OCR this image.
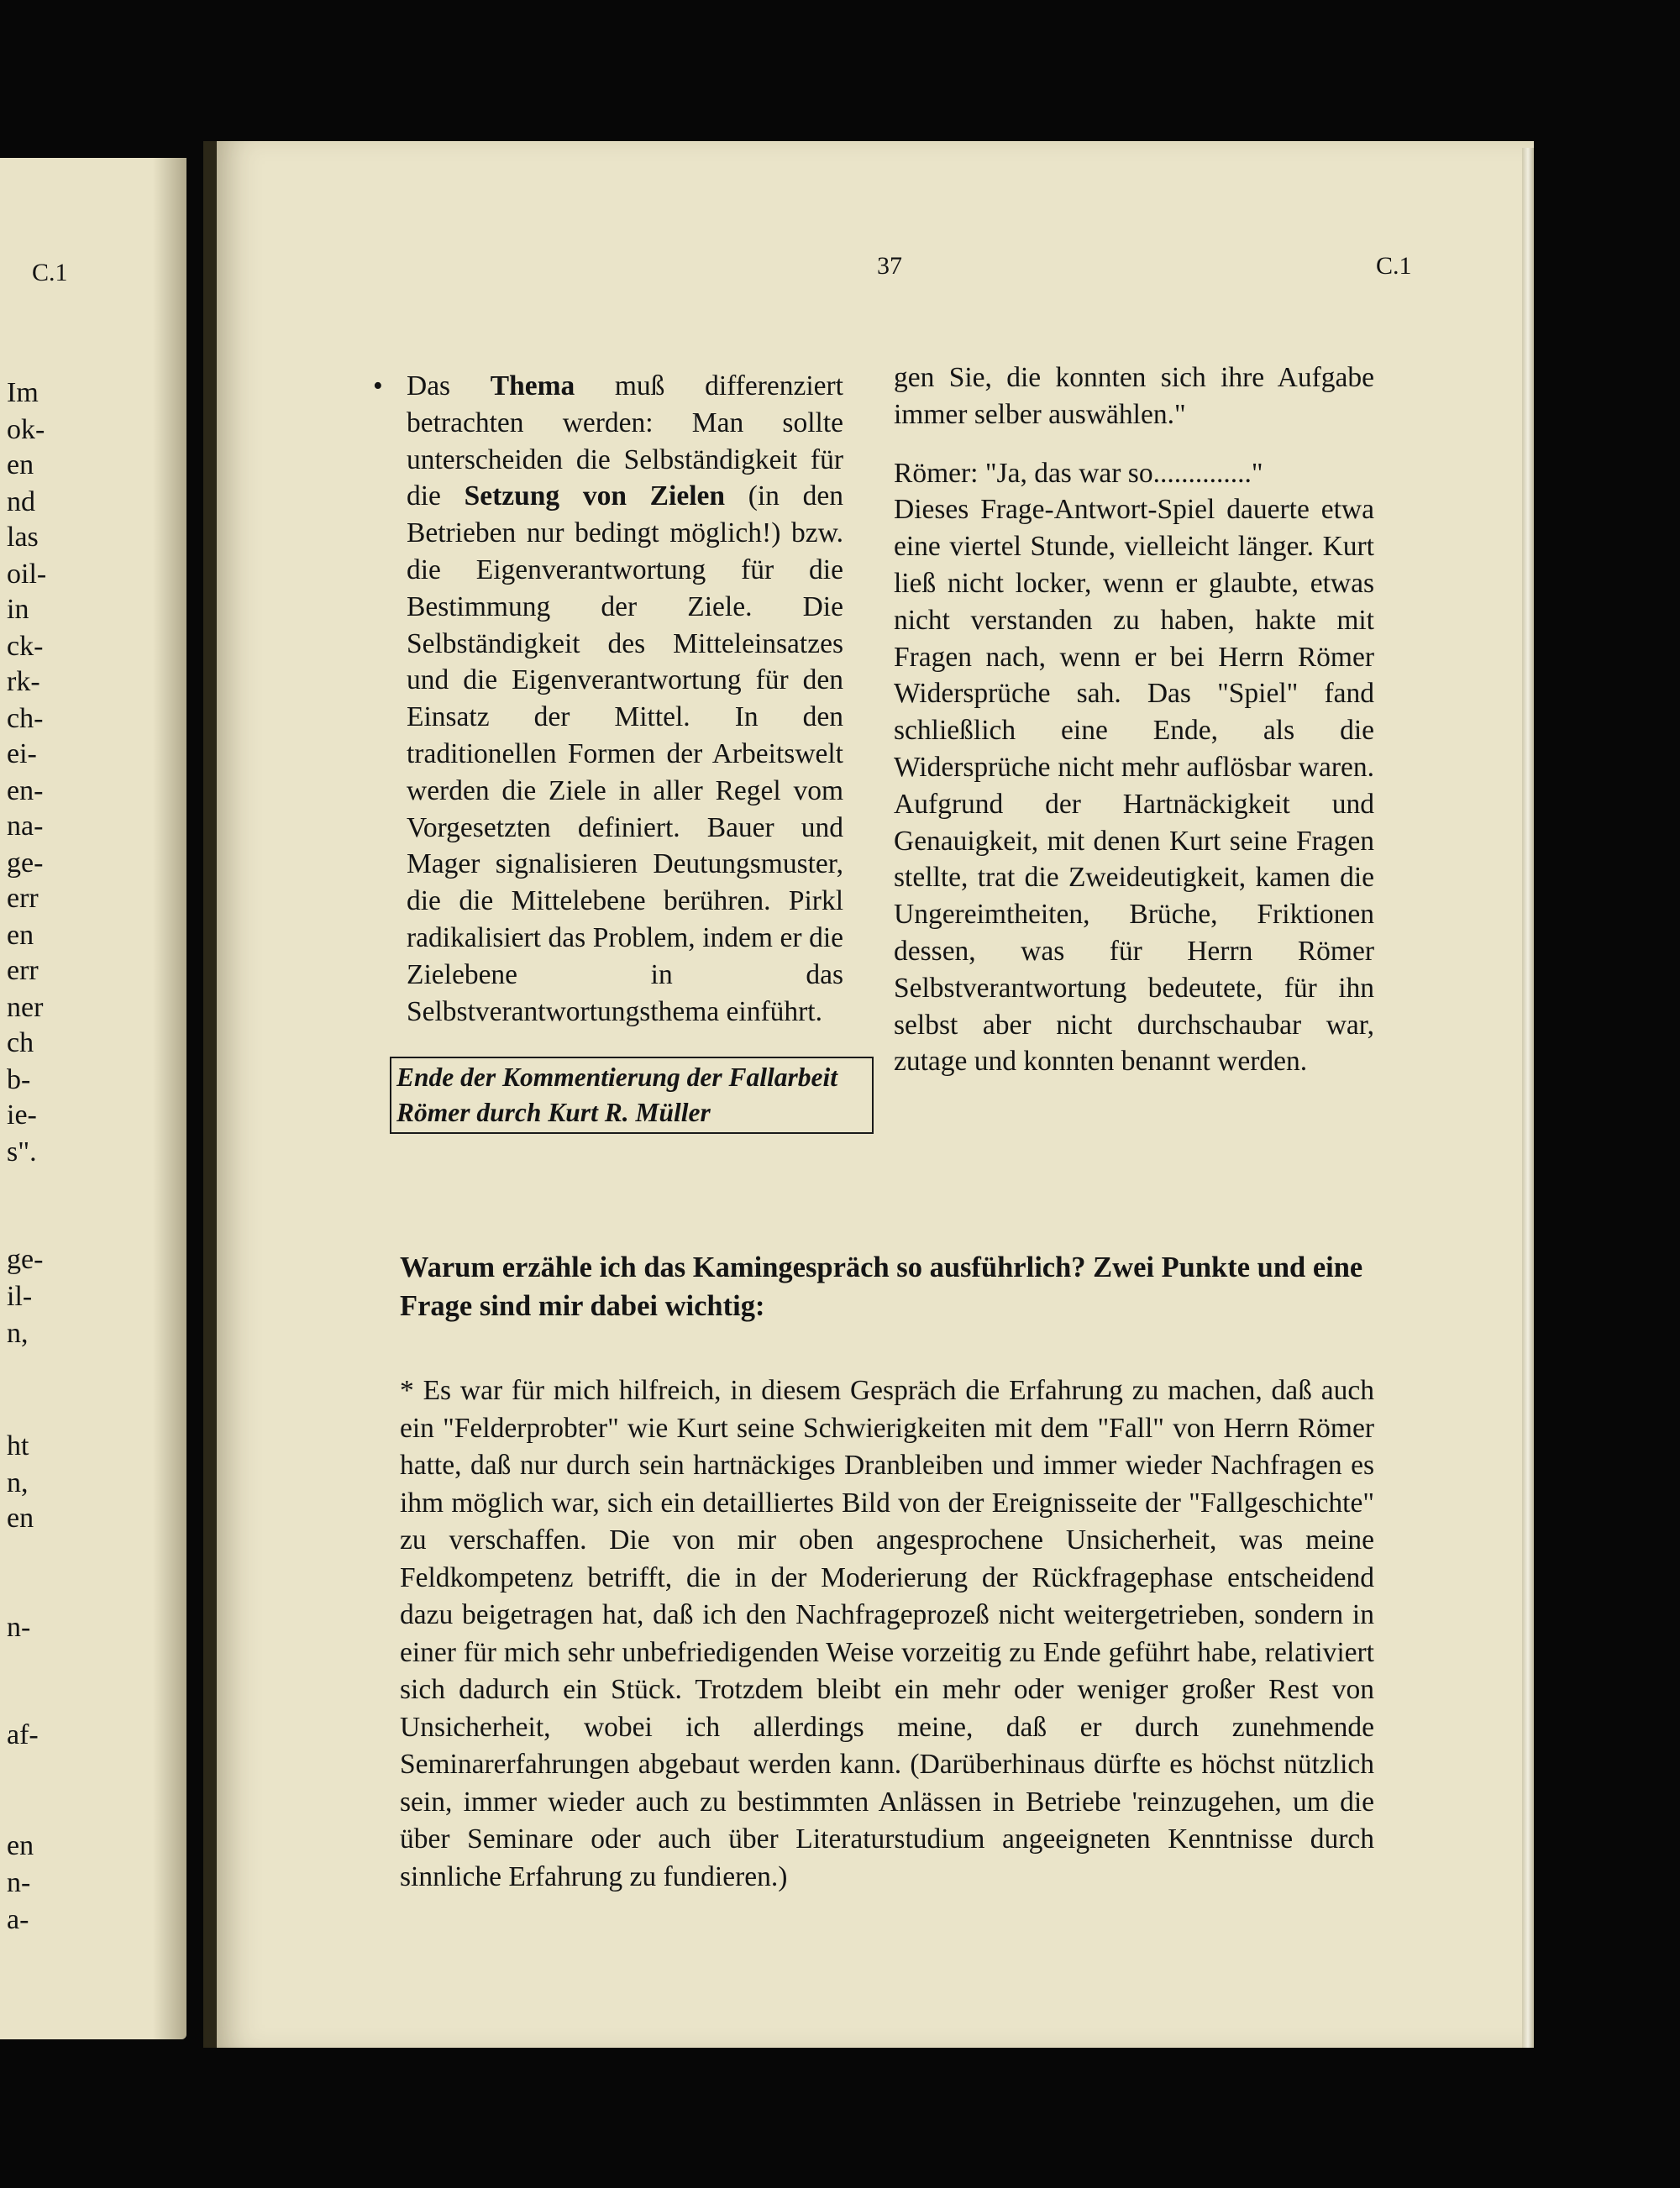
C.1
Im
ok-
en
nd
las
oil-
in
ck-
rk-
ch-
ei-
en-
na-
ge-
err
en
err
ner
ch
b-
ie-
s".
ge-
il-
n,
ht
n,
en
n-
af-
en
n-
a-
37	C.1
• Das Thema muß differenziert betrachten werden: Man sollte unterscheiden die Selbständigkeit für die Setzung von Zielen (in den Betrieben nur bedingt möglich!) bzw. die Eigenverantwortung für die Bestimmung der Ziele. Die Selbständigkeit des Mitteleinsatzes und die Eigenverantwortung für den Einsatz der Mittel. In den traditionellen Formen der Arbeitswelt werden die Ziele in aller Regel vom Vorgesetzten definiert. Bauer und Mager signalisieren Deutungsmuster, die die Mittelebene berühren. Pirkl radikalisiert das Problem, indem er die Zielebene in das Selbstverantwortungsthema einführt.

Ende der Kommentierung der Fallarbeit Römer durch Kurt R. Müller

gen Sie, die konnten sich ihre Aufgabe immer selber auswählen."

Römer: "Ja, das war so.............."

Dieses Frage-Antwort-Spiel dauerte etwa eine viertel Stunde, vielleicht länger. Kurt ließ nicht locker, wenn er glaubte, etwas nicht verstanden zu haben, hakte mit Fragen nach, wenn er bei Herrn Römer Widersprüche sah. Das "Spiel" fand schließlich eine Ende, als die Widersprüche nicht mehr auflösbar waren. Aufgrund der Hartnäckigkeit und Genauigkeit, mit denen Kurt seine Fragen stellte, trat die Zweideutigkeit, kamen die Ungereimtheiten, Brüche, Friktionen dessen, was für Herrn Römer Selbstverantwortung bedeutete, für ihn selbst aber nicht durchschaubar war, zutage und konnten benannt werden.

Warum erzähle ich das Kamingespräch so ausführlich? Zwei Punkte und eine Frage sind mir dabei wichtig:
* Es war für mich hilfreich, in diesem Gespräch die Erfahrung zu machen, daß auch ein "Felderprobter" wie Kurt seine Schwierigkeiten mit dem "Fall" von Herrn Römer hatte, daß nur durch sein hartnäckiges Dranbleiben und immer wieder Nachfragen es ihm möglich war, sich ein detailliertes Bild von der Ereignisseite der "Fallgeschichte" zu verschaffen. Die von mir oben angesprochene Unsicherheit, was meine Feldkompetenz betrifft, die in der Moderierung der Rückfragephase entscheidend dazu beigetragen hat, daß ich den Nachfrageprozeß nicht weitergetrieben, sondern in einer für mich sehr unbefriedigenden Weise vorzeitig zu Ende geführt habe, relativiert sich dadurch ein Stück. Trotzdem bleibt ein mehr oder weniger großer Rest von Unsicherheit, wobei ich allerdings meine, daß er durch zunehmende Seminarerfahrungen abgebaut werden kann. (Darüberhinaus dürfte es höchst nützlich sein, immer wieder auch zu bestimmten Anlässen in Betriebe 'reinzugehen, um die über Seminare oder auch über Literaturstudium angeeigneten Kenntnisse durch sinnliche Erfahrung zu fundieren.)
